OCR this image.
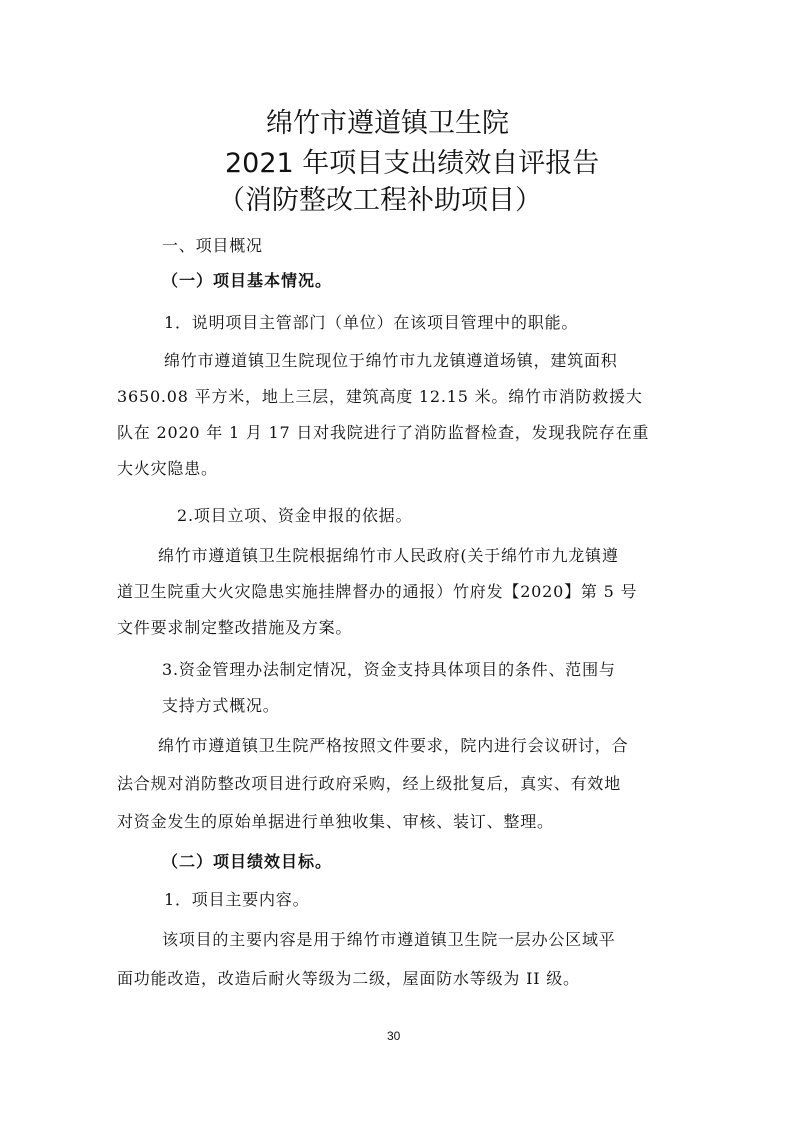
绵竹市遵道镇卫生院

2021 年项目支出绩效自评报告

（消防整改工程补助项目）

一、项目概况

（一）项目基本情况。

1．说明项目主管部门（单位）在该项目管理中的职能。

绵竹市遵道镇卫生院现位于绵竹市九龙镇遵道场镇，建筑面积

3650.08 平方米，地上三层，建筑高度 12.15 米。绵竹市消防救援大

队在 2020 年 1 月 17 日对我院进行了消防监督检查，发现我院存在重

大火灾隐患。

2.项目立项、资金申报的依据。

绵竹市遵道镇卫生院根据绵竹市人民政府(关于绵竹市九龙镇遵

道卫生院重大火灾隐患实施挂牌督办的通报）竹府发【2020】第 5 号

文件要求制定整改措施及方案。

3.资金管理办法制定情况，资金支持具体项目的条件、范围与

支持方式概况。

绵竹市遵道镇卫生院严格按照文件要求，院内进行会议研讨，合

法合规对消防整改项目进行政府采购，经上级批复后，真实、有效地

对资金发生的原始单据进行单独收集、审核、装订、整理。

（二）项目绩效目标。

1．项目主要内容。

该项目的主要内容是用于绵竹市遵道镇卫生院一层办公区域平

面功能改造，改造后耐火等级为二级，屋面防水等级为 II 级。

30
